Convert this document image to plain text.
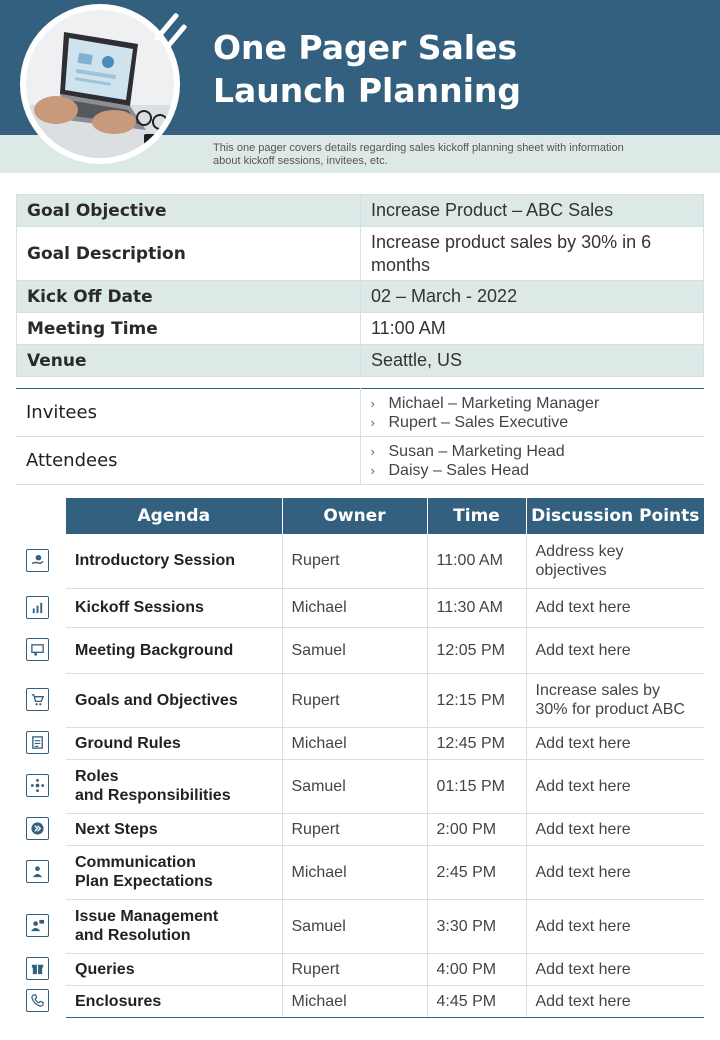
One Pager Sales
Launch Planning
This one pager covers details regarding sales kickoff planning sheet with information about kickoff sessions, invitees, etc.
Goal Objective	Increase Product – ABC Sales
Goal Description	Increase product sales by 30% in 6 months
Kick Off Date	02 – March - 2022
Meeting Time	11:00 AM
Venue	Seattle, US
Invitees	› Michael – Marketing Manager
› Rupert – Sales Executive

Attendees	› Susan – Marketing Head
› Daisy – Sales Head
Agenda	Owner	Time	Discussion Points
Introductory Session	Rupert	11:00 AM	Address key objectives
Kickoff Sessions	Michael	11:30 AM	Add text here
Meeting Background	Samuel	12:05 PM	Add text here
Goals and Objectives	Rupert	12:15 PM	Increase sales by 30% for product ABC
Ground Rules	Michael	12:45 PM	Add text here
Roles
and Responsibilities	Samuel	01:15 PM	Add text here
Next Steps	Rupert	2:00 PM	Add text here
Communication
Plan Expectations	Michael	2:45 PM	Add text here
Issue Management
and Resolution	Samuel	3:30 PM	Add text here
Queries	Rupert	4:00 PM	Add text here
Enclosures	Michael	4:45 PM	Add text here
